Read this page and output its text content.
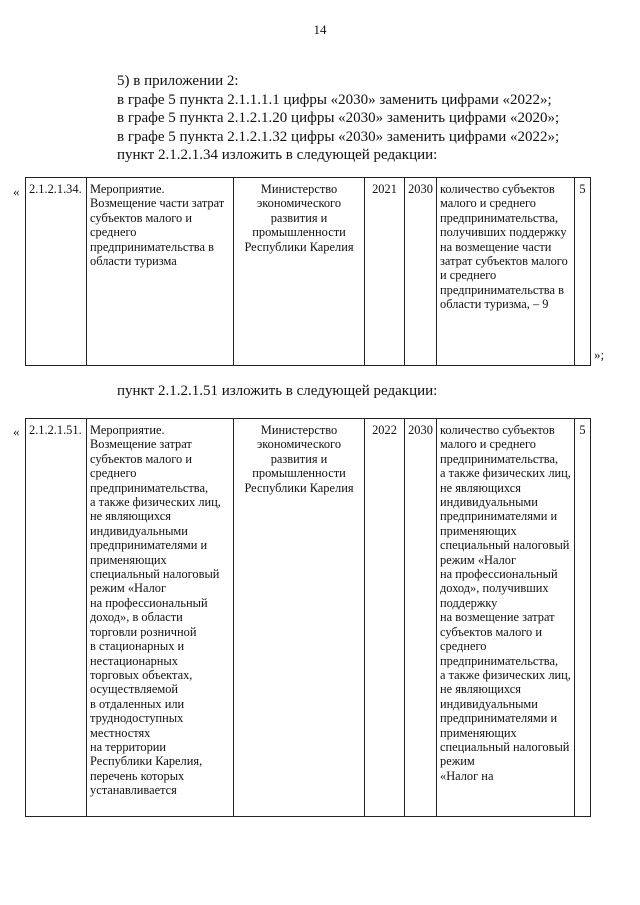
14

5) в приложении 2:

в графе 5 пункта 2.1.1.1.1 цифры «2030» заменить цифрами «2022»;

в графе 5 пункта 2.1.2.1.20 цифры «2030» заменить цифрами «2020»;

в графе 5 пункта 2.1.2.1.32 цифры «2030» заменить цифрами «2022»;

пункт 2.1.2.1.34 изложить в следующей редакции:

« 2.1.2.1.34.	Мероприятие.
Возмещение части затрат субъектов малого и среднего предпринимательства в области туризма	Министерство экономического развития и промышленности Республики Карелия	2021	2030	количество субъектов малого и среднего предпринимательства, получивших поддержку
на возмещение части затрат субъектов малого и среднего предпринимательства в области туризма, – 9	5
»;
пункт 2.1.2.1.51 изложить в следующей редакции:
« 2.1.2.1.51.	Мероприятие.
Возмещение затрат субъектов малого и среднего предпринимательства,
а также физических лиц, не являющихся индивидуальными предпринимателями и применяющих специальный налоговый режим «Налог
на профессиональный доход», в области торговли розничной
в стационарных и нестационарных торговых объектах, осуществляемой
в отдаленных или труднодоступных местностях
на территории Республики Карелия, перечень которых устанавливается	Министерство экономического развития и промышленности Республики Карелия	2022	2030	количество субъектов малого и среднего предпринимательства,
а также физических лиц, не являющихся индивидуальными предпринимателями и применяющих специальный налоговый режим «Налог
на профессиональный доход», получивших поддержку
на возмещение затрат субъектов малого и среднего предпринимательства,
а также физических лиц, не являющихся индивидуальными предпринимателями и применяющих специальный налоговый режим
«Налог на	5
